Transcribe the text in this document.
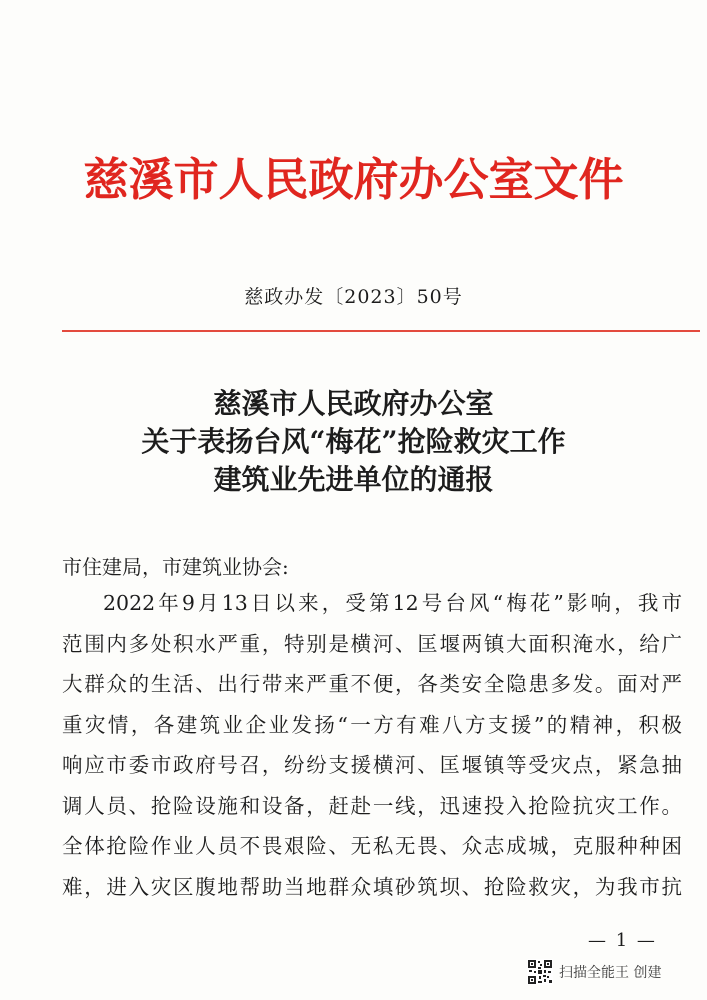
慈溪市人民政府办公室文件
慈政办发〔2023〕50号
慈溪市人民政府办公室
关于表扬台风“梅花”抢险救灾工作
建筑业先进单位的通报
市住建局，市建筑业协会:
2022年9月13日以来，受第12号台风“梅花”影响，我市
范围内多处积水严重，特别是横河、匡堰两镇大面积淹水，给广
大群众的生活、出行带来严重不便，各类安全隐患多发。面对严
重灾情，各建筑业企业发扬“一方有难八方支援”的精神，积极
响应市委市政府号召，纷纷支援横河、匡堰镇等受灾点，紧急抽
调人员、抢险设施和设备，赶赴一线，迅速投入抢险抗灾工作。
全体抢险作业人员不畏艰险、无私无畏、众志成城，克服种种困
难，进入灾区腹地帮助当地群众填砂筑坝、抢险救灾，为我市抗
— 1 —
扫描全能王 创建
